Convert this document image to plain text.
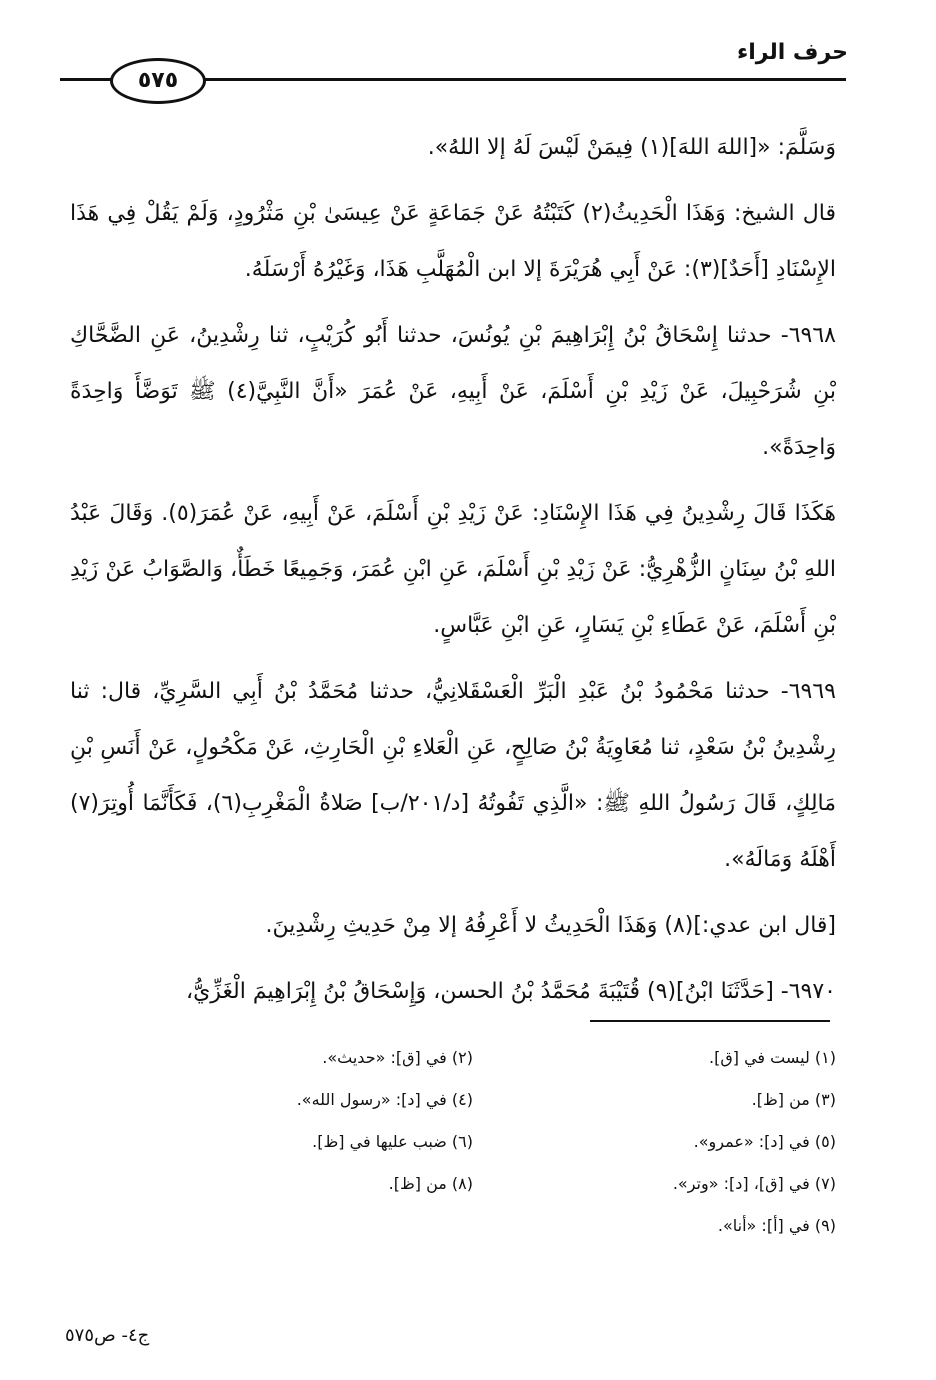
حرف الراء
٥٧٥

وَسَلَّمَ: «[اللهَ اللهَ](١) فِيمَنْ لَيْسَ لَهُ إلا اللهُ».

قال الشيخ: وَهَذَا الْحَدِيثُ(٢) كَتَبْتُهُ عَنْ جَمَاعَةٍ عَنْ عِيسَىٰ بْنِ مَثْرُودٍ، وَلَمْ يَقُلْ فِي هَذَا الإِسْنَادِ [أَحَدٌ](٣): عَنْ أَبِي هُرَيْرَةَ إلا ابن الْمُهَلَّبِ هَذَا، وَغَيْرُهُ أَرْسَلَهُ.

٦٩٦٨- حدثنا إِسْحَاقُ بْنُ إِبْرَاهِيمَ بْنِ يُونُسَ، حدثنا أَبُو كُرَيْبٍ، ثنا رِشْدِينُ، عَنِ الضَّحَّاكِ بْنِ شُرَحْبِيلَ، عَنْ زَيْدِ بْنِ أَسْلَمَ، عَنْ أَبِيهِ، عَنْ عُمَرَ «أَنَّ النَّبِيَّ(٤) ﷺ تَوَضَّأَ وَاحِدَةً وَاحِدَةً».

هَكَذَا قَالَ رِشْدِينُ فِي هَذَا الإِسْنَادِ: عَنْ زَيْدِ بْنِ أَسْلَمَ، عَنْ أَبِيهِ، عَنْ عُمَرَ(٥). وَقَالَ عَبْدُ اللهِ بْنُ سِنَانٍ الزُّهْرِيُّ: عَنْ زَيْدِ بْنِ أَسْلَمَ، عَنِ ابْنِ عُمَرَ، وَجَمِيعًا خَطَأٌ، وَالصَّوَابُ عَنْ زَيْدِ بْنِ أَسْلَمَ، عَنْ عَطَاءِ بْنِ يَسَارٍ، عَنِ ابْنِ عَبَّاسٍ.

٦٩٦٩- حدثنا مَحْمُودُ بْنُ عَبْدِ الْبَرِّ الْعَسْقَلانِيُّ، حدثنا مُحَمَّدُ بْنُ أَبِي السَّرِيِّ، قال: ثنا رِشْدِينُ بْنُ سَعْدٍ، ثنا مُعَاوِيَةُ بْنُ صَالِحٍ، عَنِ الْعَلاءِ بْنِ الْحَارِثِ، عَنْ مَكْحُولٍ، عَنْ أَنَسِ بْنِ مَالِكٍ، قَالَ رَسُولُ اللهِ ﷺ: «الَّذِي تَفُوتُهُ [د/٢٠١/ب] صَلاةُ الْمَغْرِبِ(٦)، فَكَأَنَّمَا أُوتِرَ(٧) أَهْلَهُ وَمَالَهُ».

[قال ابن عدي:](٨) وَهَذَا الْحَدِيثُ لا أَعْرِفُهُ إلا مِنْ حَدِيثِ رِشْدِينَ.

٦٩٧٠- [حَدَّثَنَا ابْنُ](٩) قُتَيْبَةَ مُحَمَّدُ بْنُ الحسن، وَإِسْحَاقُ بْنُ إِبْرَاهِيمَ الْغَزِّيُّ،

(١) ليست في [ق].
(٢) في [ق]: «حديث».
(٣) من [ظ].
(٤) في [د]: «رسول الله».
(٥) في [د]: «عمرو».
(٦) ضبب عليها في [ظ].
(٧) في [ق]، [د]: «وتر».
(٨) من [ظ].
(٩) في [أ]: «أنا».
ج٤- ص٥٧٥
